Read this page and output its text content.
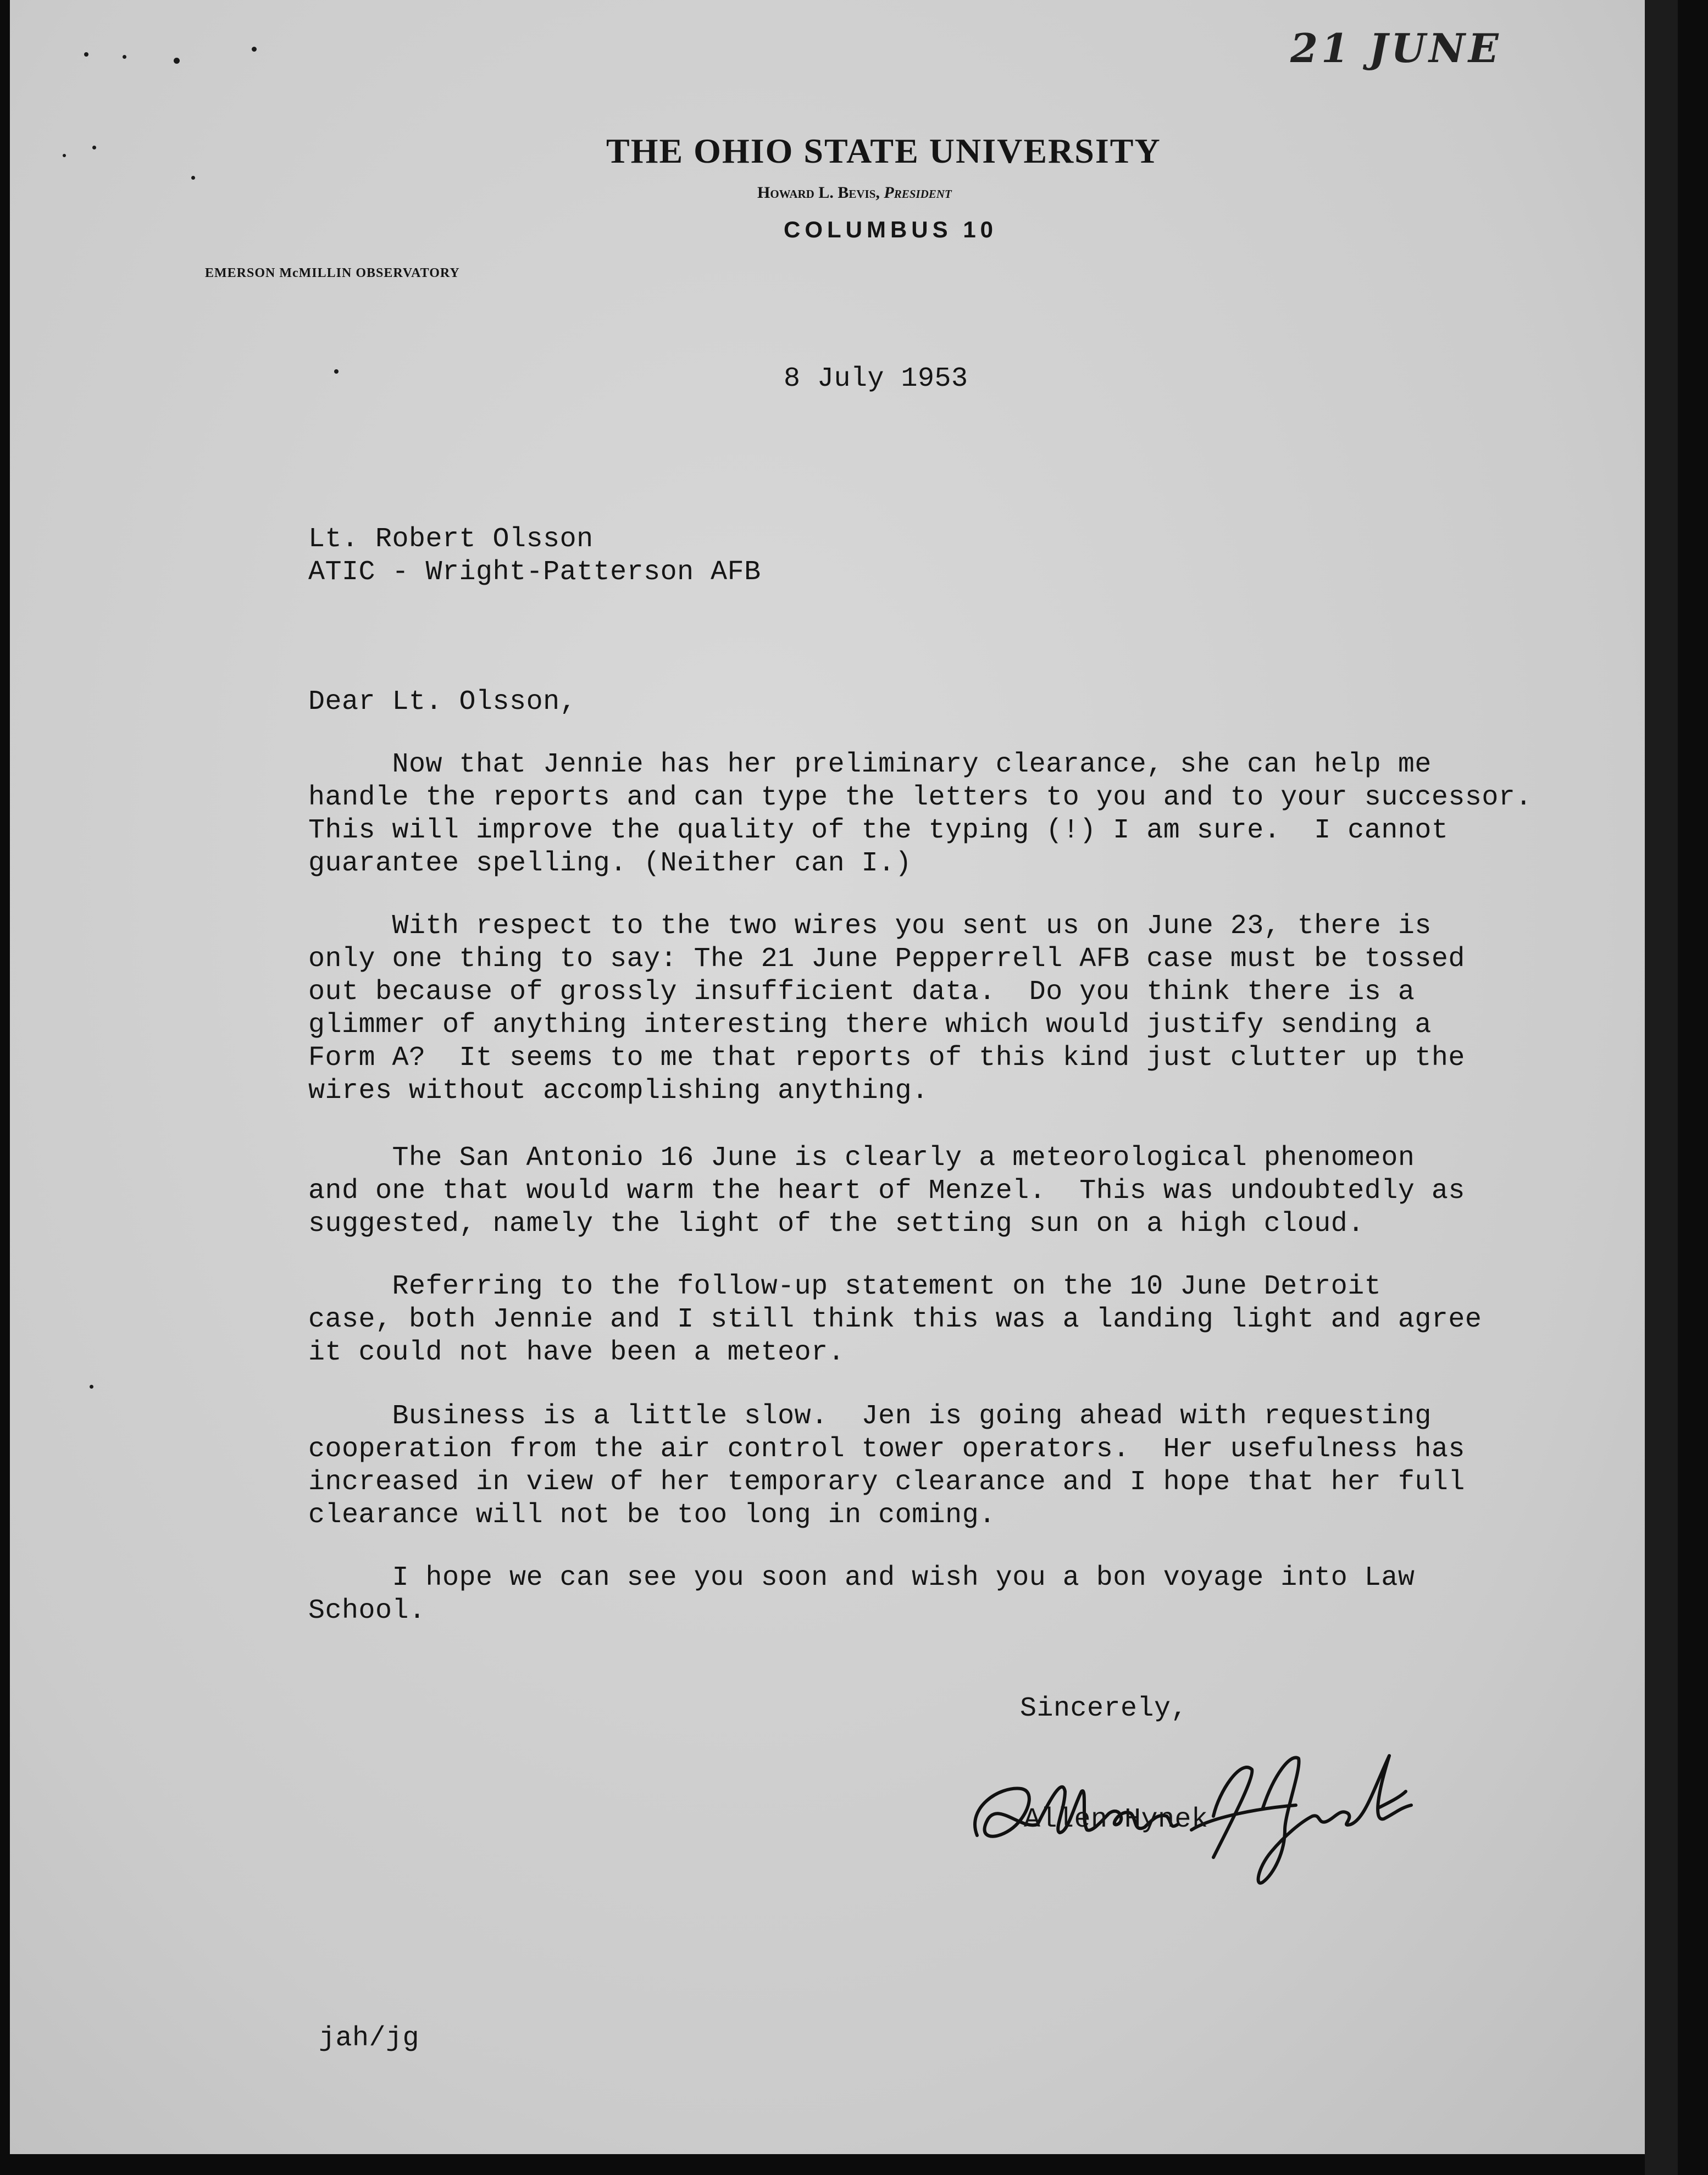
21 JUNE
THE OHIO STATE UNIVERSITY
Howard L. Bevis, President
COLUMBUS 10
EMERSON McMILLIN OBSERVATORY
8 July 1953
Lt. Robert Olsson
ATIC - Wright-Patterson AFB
Dear Lt. Olsson,
Now that Jennie has her preliminary clearance, she can help me
handle the reports and can type the letters to you and to your successor.
This will improve the quality of the typing (!) I am sure.  I cannot
guarantee spelling. (Neither can I.)
With respect to the two wires you sent us on June 23, there is
only one thing to say: The 21 June Pepperrell AFB case must be tossed
out because of grossly insufficient data.  Do you think there is a
glimmer of anything interesting there which would justify sending a
Form A?  It seems to me that reports of this kind just clutter up the
wires without accomplishing anything.
The San Antonio 16 June is clearly a meteorological phenomeon
and one that would warm the heart of Menzel.  This was undoubtedly as
suggested, namely the light of the setting sun on a high cloud.
Referring to the follow-up statement on the 10 June Detroit
case, both Jennie and I still think this was a landing light and agree
it could not have been a meteor.
Business is a little slow.  Jen is going ahead with requesting
cooperation from the air control tower operators.  Her usefulness has
increased in view of her temporary clearance and I hope that her full
clearance will not be too long in coming.
I hope we can see you soon and wish you a bon voyage into Law
School.
Sincerely,
Allen Hynek
jah/jg
